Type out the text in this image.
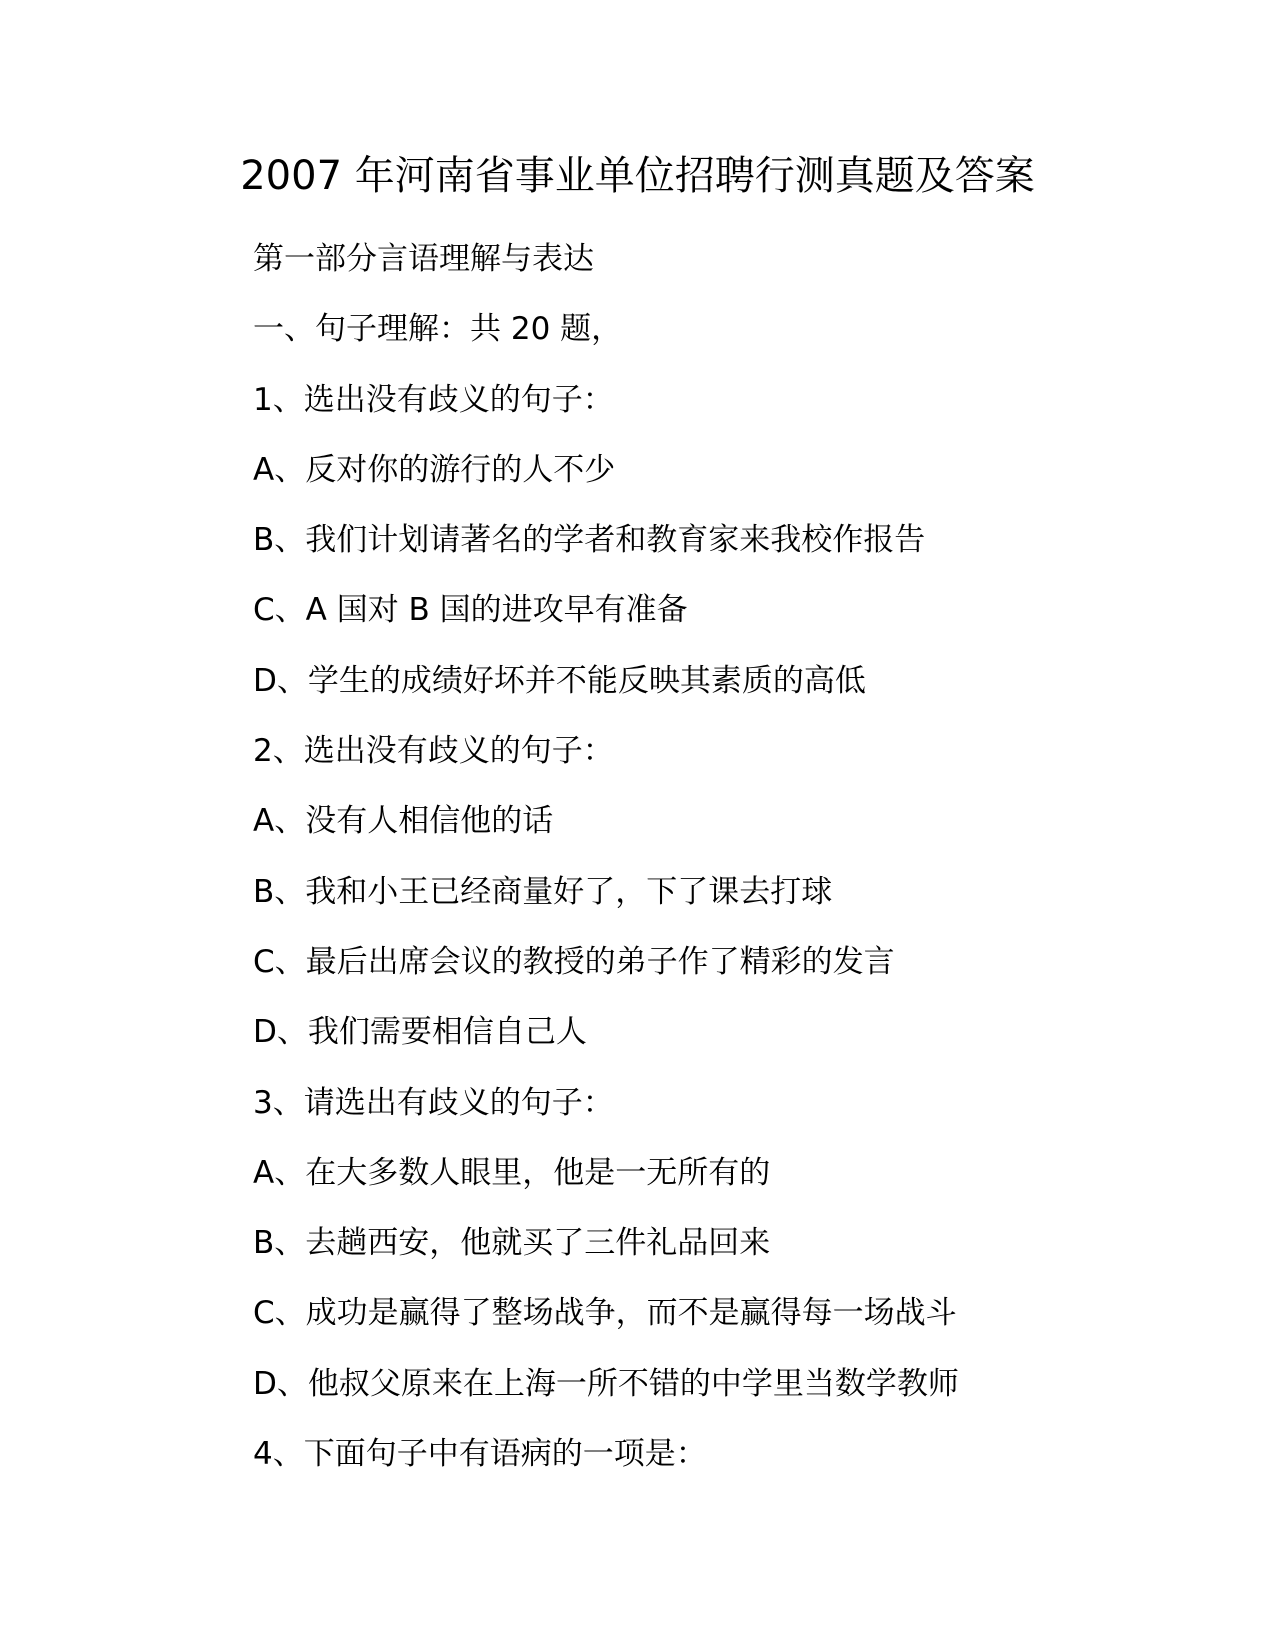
2007 年河南省事业单位招聘行测真题及答案
第一部分言语理解与表达
一、句子理解：共 20 题，
1、选出没有歧义的句子：
A、反对你的游行的人不少
B、我们计划请著名的学者和教育家来我校作报告
C、A 国对 B 国的进攻早有准备
D、学生的成绩好坏并不能反映其素质的高低
2、选出没有歧义的句子：
A、没有人相信他的话
B、我和小王已经商量好了，下了课去打球
C、最后出席会议的教授的弟子作了精彩的发言
D、我们需要相信自己人
3、请选出有歧义的句子：
A、在大多数人眼里，他是一无所有的
B、去趟西安，他就买了三件礼品回来
C、成功是赢得了整场战争，而不是赢得每一场战斗
D、他叔父原来在上海一所不错的中学里当数学教师
4、下面句子中有语病的一项是：
